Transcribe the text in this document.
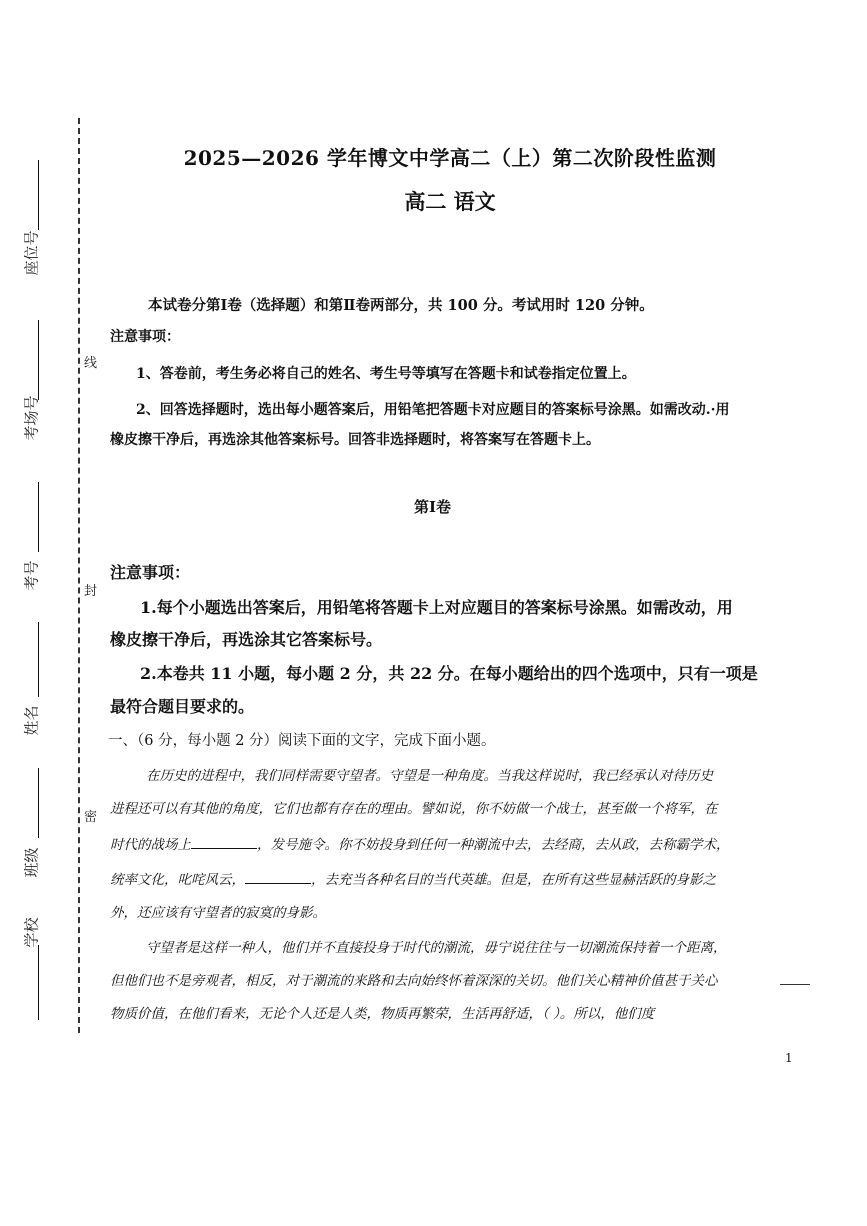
座位号
考场号
考号
姓名
班级
学校
线
封
密
2025—2026 学年博文中学高二（上）第二次阶段性监测
高二 语文
本试卷分第Ⅰ卷（选择题）和第Ⅱ卷两部分，共 100 分。考试用时 120 分钟。
注意事项：
1、答卷前，考生务必将自己的姓名、考生号等填写在答题卡和试卷指定位置上。
2、回答选择题时，选出每小题答案后，用铅笔把答题卡对应题目的答案标号涂黑。如需改动.·用
橡皮擦干净后，再选涂其他答案标号。回答非选择题时，将答案写在答题卡上。
第Ⅰ卷
注意事项：
1.每个小题选出答案后，用铅笔将答题卡上对应题目的答案标号涂黑。如需改动，用
橡皮擦干净后，再选涂其它答案标号。
2.本卷共 11 小题，每小题 2 分，共 22 分。在每小题给出的四个选项中，只有一项是
最符合题目要求的。
一、（6 分，每小题 2 分）阅读下面的文字，完成下面小题。
在历史的进程中，我们同样需要守望者。守望是一种角度。当我这样说时，我已经承认对待历史
进程还可以有其他的角度，它们也都有存在的理由。譬如说，你不妨做一个战士，甚至做一个将军，在
时代的战场上	，发号施令。你不妨投身到任何一种潮流中去，去经商，去从政，去称霸学术，
统率文化，叱咤风云，	，去充当各种名目的当代英雄。但是，在所有这些显赫活跃的身影之
外，还应该有守望者的寂寞的身影。
守望者是这样一种人，他们并不直接投身于时代的潮流，毋宁说往往与一切潮流保持着一个距离，
但他们也不是旁观者，相反，对于潮流的来路和去向始终怀着深深的关切。他们关心精神价值甚于关心
物质价值，在他们看来，无论个人还是人类，物质再繁荣，生活再舒适，（ ）。所以，他们度
1
